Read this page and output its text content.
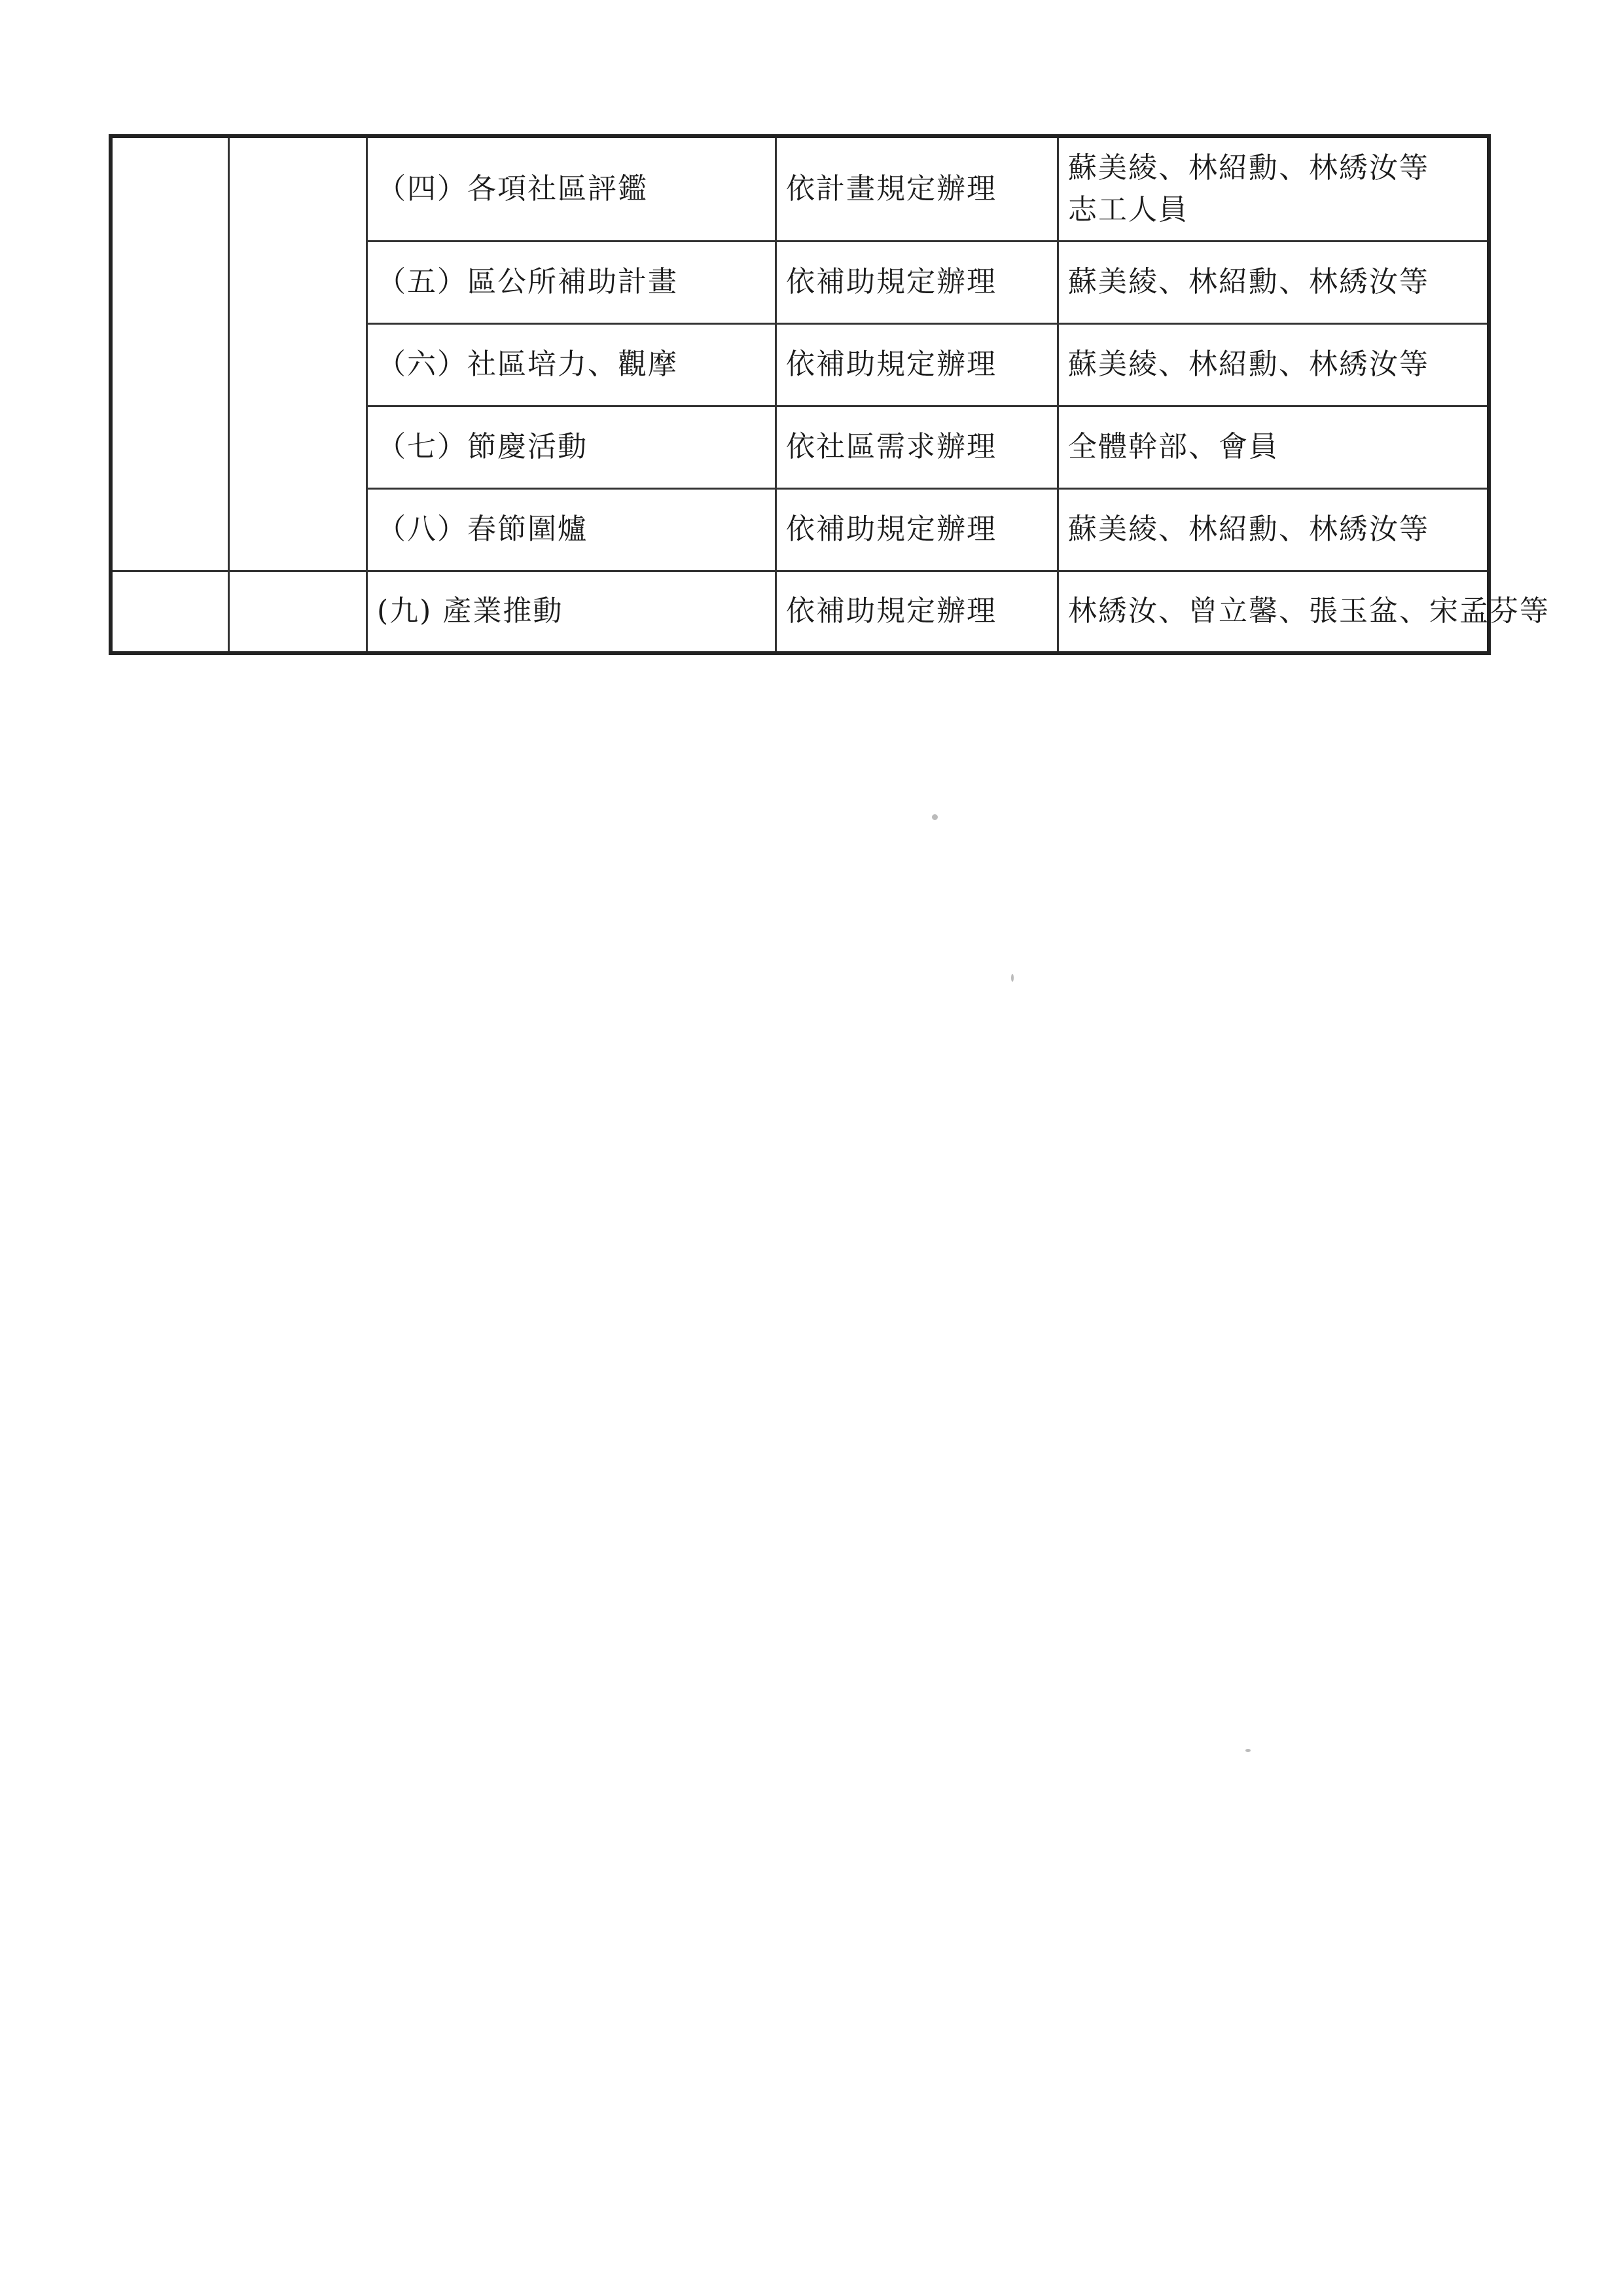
		（四）各項社區評鑑	依計畫規定辦理	蘇美綾、林紹勳、林綉汝等
志工人員

		（五）區公所補助計畫	依補助規定辦理	蘇美綾、林紹勳、林綉汝等

		（六）社區培力、觀摩	依補助規定辦理	蘇美綾、林紹勳、林綉汝等

		（七）節慶活動	依社區需求辦理	全體幹部、會員

		（八）春節圍爐	依補助規定辦理	蘇美綾、林紹勳、林綉汝等

		(九) 產業推動	依補助規定辦理	林綉汝、曾立馨、張玉盆、宋孟芬等
